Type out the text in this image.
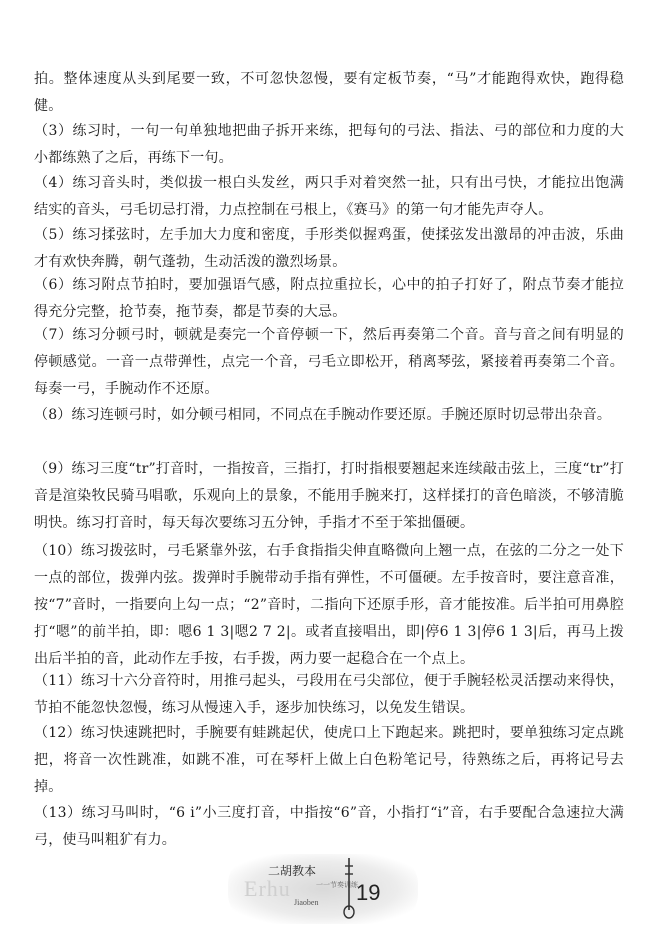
拍。整体速度从头到尾要一致，不可忽快忽慢，要有定板节奏，“马”才能跑得欢快，跑得稳健。

（3）练习时，一句一句单独地把曲子拆开来练，把每句的弓法、指法、弓的部位和力度的大小都练熟了之后，再练下一句。

（4）练习音头时，类似拔一根白头发丝，两只手对着突然一扯，只有出弓快，才能拉出饱满结实的音头，弓毛切忌打滑，力点控制在弓根上，《赛马》的第一句才能先声夺人。

（5）练习揉弦时，左手加大力度和密度，手形类似握鸡蛋，使揉弦发出激昂的冲击波，乐曲才有欢快奔腾，朝气蓬勃，生动活泼的激烈场景。

（6）练习附点节拍时，要加强语气感，附点拉重拉长，心中的拍子打好了，附点节奏才能拉得充分完整，抢节奏，拖节奏，都是节奏的大忌。

（7）练习分顿弓时，顿就是奏完一个音停顿一下，然后再奏第二个音。音与音之间有明显的停顿感觉。一音一点带弹性，点完一个音，弓毛立即松开，稍离琴弦，紧接着再奏第二个音。每奏一弓，手腕动作不还原。

（8）练习连顿弓时，如分顿弓相同，不同点在手腕动作要还原。手腕还原时切忌带出杂音。

（9）练习三度“tr”打音时，一指按音，三指打，打时指根要翘起来连续敲击弦上，三度“tr”打音是渲染牧民骑马唱歌，乐观向上的景象，不能用手腕来打，这样揉打的音色暗淡，不够清脆明快。练习打音时，每天每次要练习五分钟，手指才不至于笨拙僵硬。

（10）练习拨弦时，弓毛紧靠外弦，右手食指指尖伸直略微向上翘一点，在弦的二分之一处下一点的部位，拨弹内弦。拨弹时手腕带动手指有弹性，不可僵硬。左手按音时，要注意音准，按“7”音时，一指要向上勾一点；“2”音时，二指向下还原手形，音才能按准。后半拍可用鼻腔打“嗯”的前半拍，即：嗯6 1 3|嗯2 7 2|。或者直接唱出，即|停6 1 3|停6 1 3|后，再马上拨出后半拍的音，此动作左手按，右手拨，两力要一起稳合在一个点上。

（11）练习十六分音符时，用推弓起头，弓段用在弓尖部位，便于手腕轻松灵活摆动来得快，节拍不能忽快忽慢，练习从慢速入手，逐步加快练习，以免发生错误。

（12）练习快速跳把时，手腕要有蛙跳起伏，使虎口上下跑起来。跳把时，要单独练习定点跳把，将音一次性跳准，如跳不准，可在琴杆上做上白色粉笔记号，待熟练之后，再将记号去掉。

（13）练习马叫时，“6 i”小三度打音，中指按“6”音，小指打“i”音，右手要配合急速拉大满弓，使马叫粗犷有力。

二胡教本
Erhu	一一节奏训练
Jiaoben 19
